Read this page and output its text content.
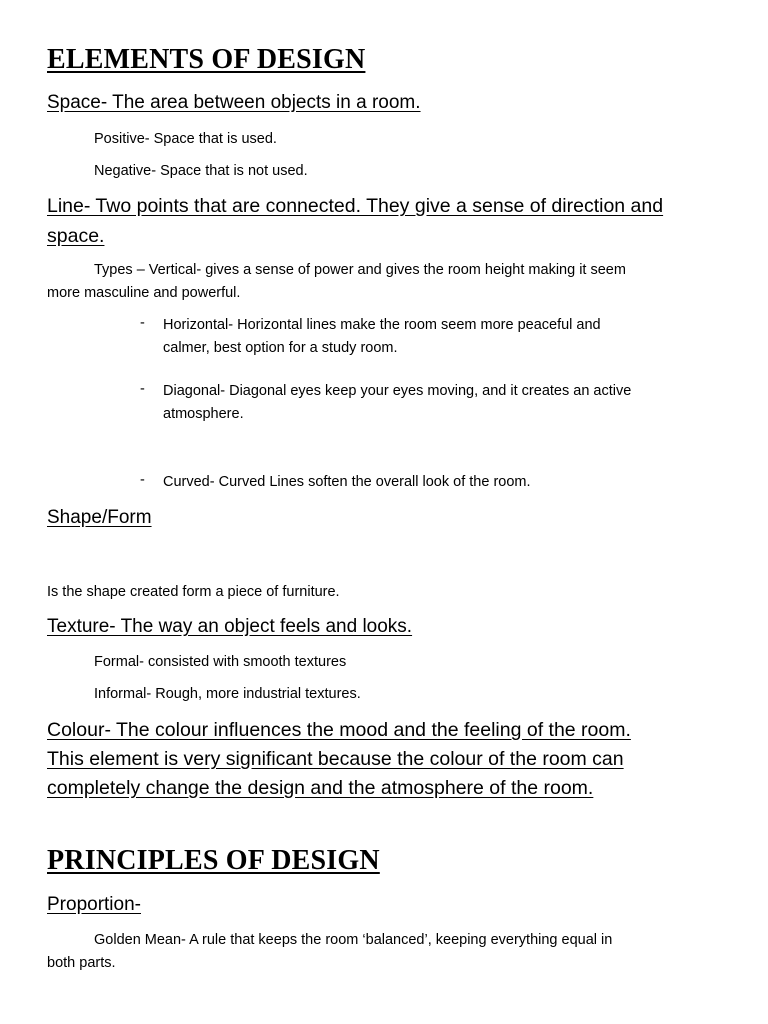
ELEMENTS OF DESIGN
Space- The area between objects in a room.
Positive- Space that is used.
Negative- Space that is not used.
Line- Two points that are connected. They give a sense of direction and
space.
Types – Vertical- gives a sense of power and gives the room height making it seem
more masculine and powerful.
- Horizontal- Horizontal lines make the room seem more peaceful and
calmer, best option for a study room.
- Diagonal- Diagonal eyes keep your eyes moving, and it creates an active
atmosphere.
- Curved- Curved Lines soften the overall look of the room.
Shape/Form
Is the shape created form a piece of furniture.
Texture- The way an object feels and looks.
Formal- consisted with smooth textures
Informal- Rough, more industrial textures.
Colour- The colour influences the mood and the feeling of the room.
This element is very significant because the colour of the room can
completely change the design and the atmosphere of the room.
PRINCIPLES OF DESIGN
Proportion-
Golden Mean- A rule that keeps the room ‘balanced’, keeping everything equal in
both parts.
